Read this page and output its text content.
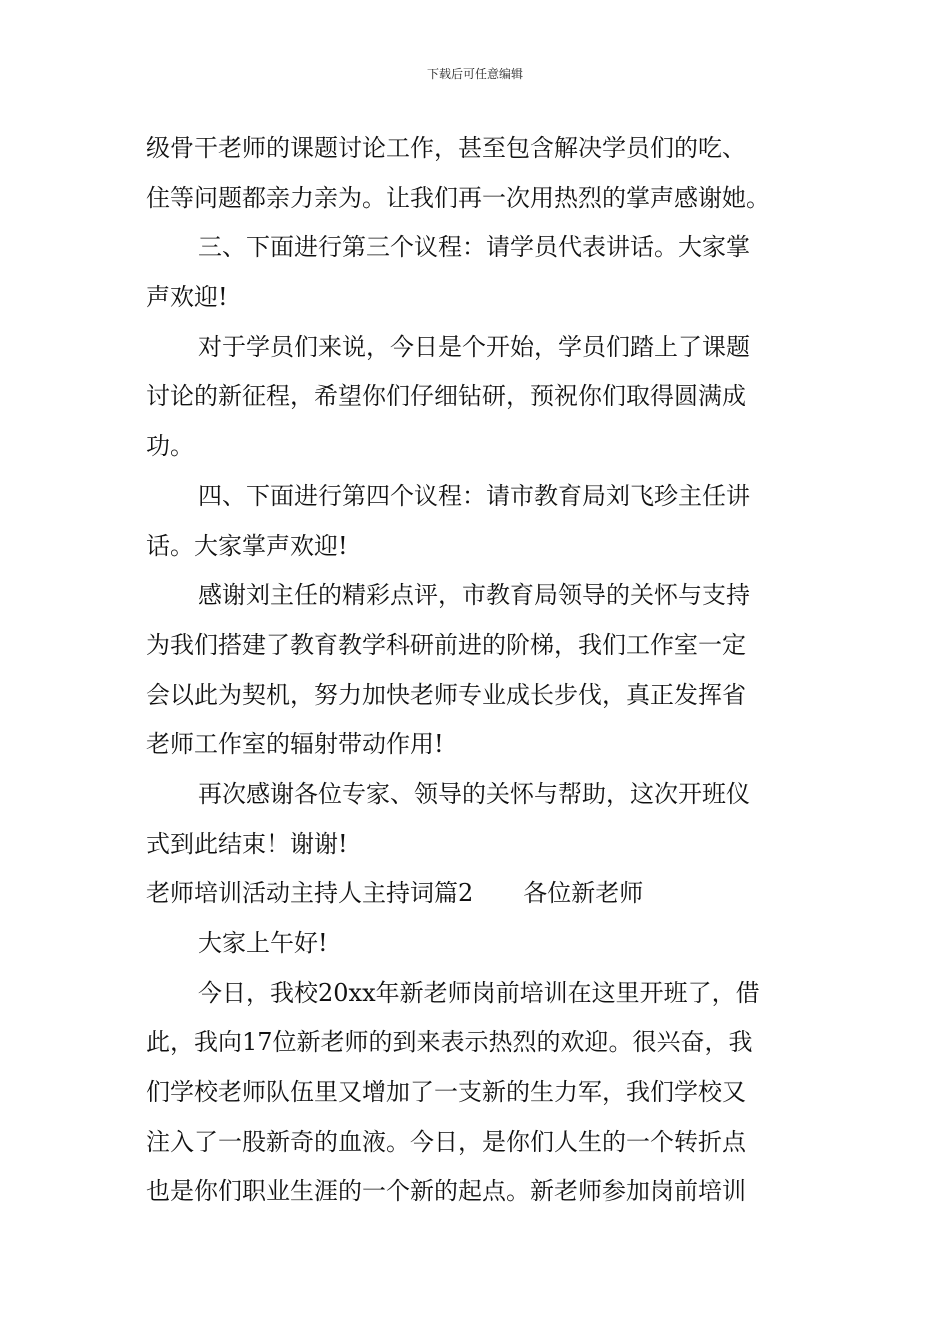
下载后可任意编辑
级骨干老师的课题讨论工作，甚至包含解决学员们的吃、
住等问题都亲力亲为。让我们再一次用热烈的掌声感谢她。
三、下面进行第三个议程：请学员代表讲话。大家掌
声欢迎!
对于学员们来说，今日是个开始，学员们踏上了课题
讨论的新征程，希望你们仔细钻研，预祝你们取得圆满成
功。
四、下面进行第四个议程：请市教育局刘飞珍主任讲
话。大家掌声欢迎!
感谢刘主任的精彩点评，市教育局领导的关怀与支持
为我们搭建了教育教学科研前进的阶梯，我们工作室一定
会以此为契机，努力加快老师专业成长步伐，真正发挥省
老师工作室的辐射带动作用!
再次感谢各位专家、领导的关怀与帮助，这次开班仪
式到此结束！谢谢!
老师培训活动主持人主持词篇2 各位新老师
大家上午好!
今日，我校20xx年新老师岗前培训在这里开班了，借
此，我向17位新老师的到来表示热烈的欢迎。很兴奋，我
们学校老师队伍里又增加了一支新的生力军，我们学校又
注入了一股新奇的血液。今日，是你们人生的一个转折点
也是你们职业生涯的一个新的起点。新老师参加岗前培训
